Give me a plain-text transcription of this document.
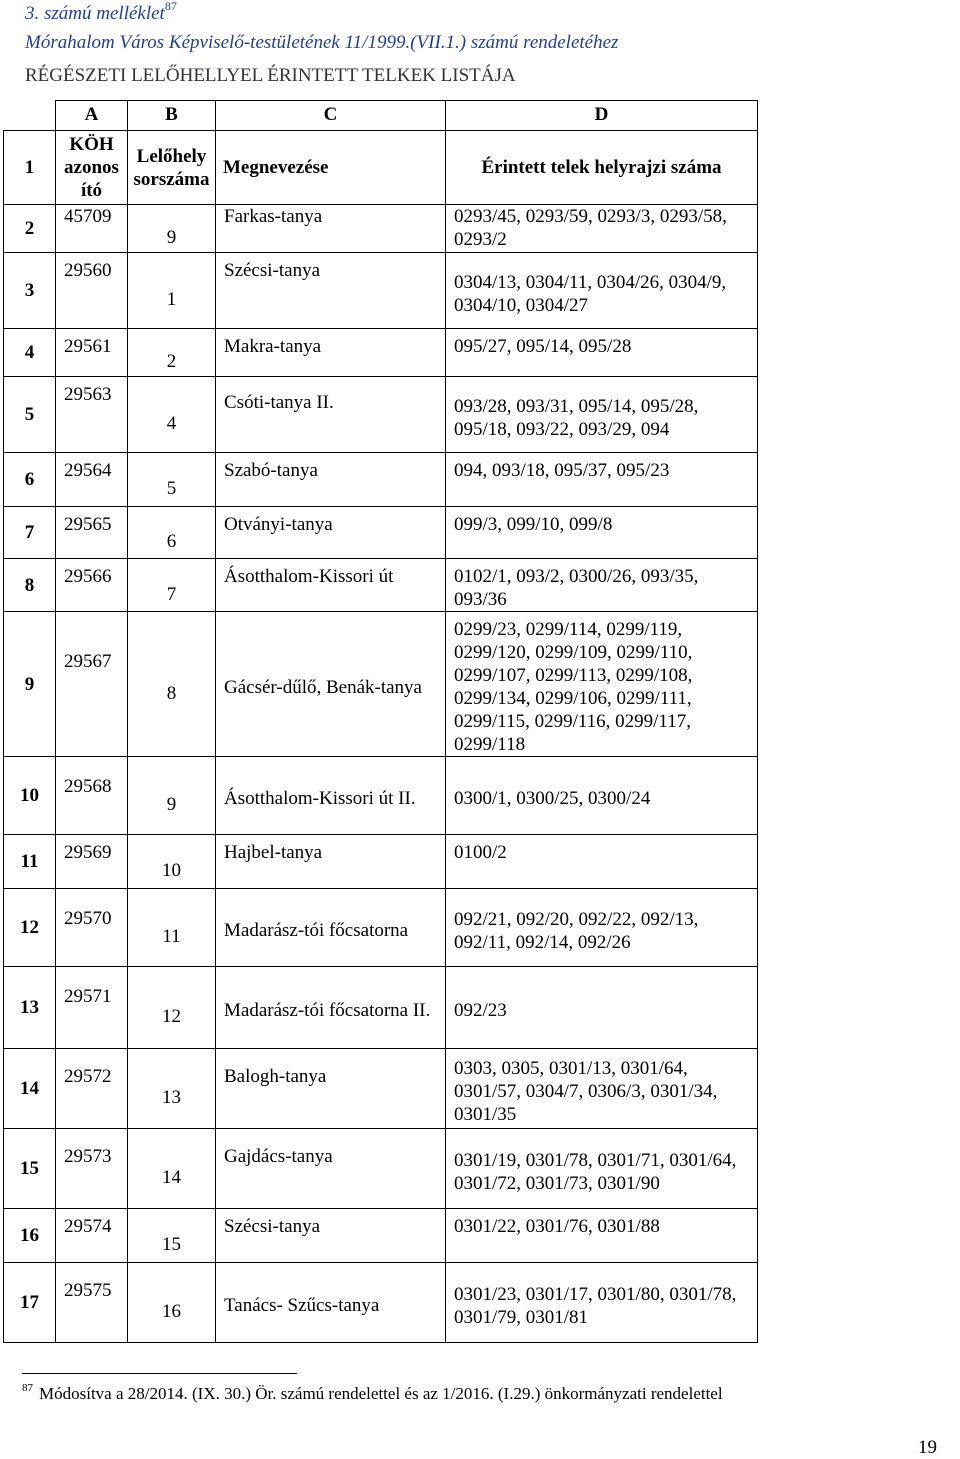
3. számú melléklet$^{87}$
Mórahalom Város Képviselő-testületének 11/1999.(VII.1.) számú rendeletéhez
RÉGÉSZETI LELŐHELLYEL ÉRINTETT TELKEK LISTÁJA
	A	B	C	D
1	KÖH azonos ító	Lelőhely sorszáma	Megnevezése	Érintett telek helyrajzi száma
2	45709	9	Farkas-tanya	0293/45, 0293/59, 0293/3, 0293/58, 0293/2
3	29560	1	Szécsi-tanya	0304/13, 0304/11, 0304/26, 0304/9, 0304/10, 0304/27
4	29561	2	Makra-tanya	095/27, 095/14, 095/28
5	29563	4	Csóti-tanya II.	093/28, 093/31, 095/14, 095/28, 095/18, 093/22, 093/29, 094
6	29564	5	Szabó-tanya	094, 093/18, 095/37, 095/23
7	29565	6	Otványi-tanya	099/3, 099/10, 099/8
8	29566	7	Ásotthalom-Kissori út	0102/1, 093/2, 0300/26, 093/35, 093/36
9	29567	8	Gácsér-dűlő, Benák-tanya	0299/23, 0299/114, 0299/119, 0299/120, 0299/109, 0299/110, 0299/107, 0299/113, 0299/108, 0299/134, 0299/106, 0299/111, 0299/115, 0299/116, 0299/117, 0299/118
10	29568	9	Ásotthalom-Kissori út II.	0300/1, 0300/25, 0300/24
11	29569	10	Hajbel-tanya	0100/2
12	29570	11	Madarász-tói főcsatorna	092/21, 092/20, 092/22, 092/13, 092/11, 092/14, 092/26
13	29571	12	Madarász-tói főcsatorna II.	092/23
14	29572	13	Balogh-tanya	0303, 0305, 0301/13, 0301/64, 0301/57, 0304/7, 0306/3, 0301/34, 0301/35
15	29573	14	Gajdács-tanya	0301/19, 0301/78, 0301/71, 0301/64, 0301/72, 0301/73, 0301/90
16	29574	15	Szécsi-tanya	0301/22, 0301/76, 0301/88
17	29575	16	Tanács- Szűcs-tanya	0301/23, 0301/17, 0301/80, 0301/78, 0301/79, 0301/81
$^{87}$ Módosítva a 28/2014. (IX. 30.) Ör. számú rendelettel és az 1/2016. (I.29.) önkormányzati rendelettel
19
